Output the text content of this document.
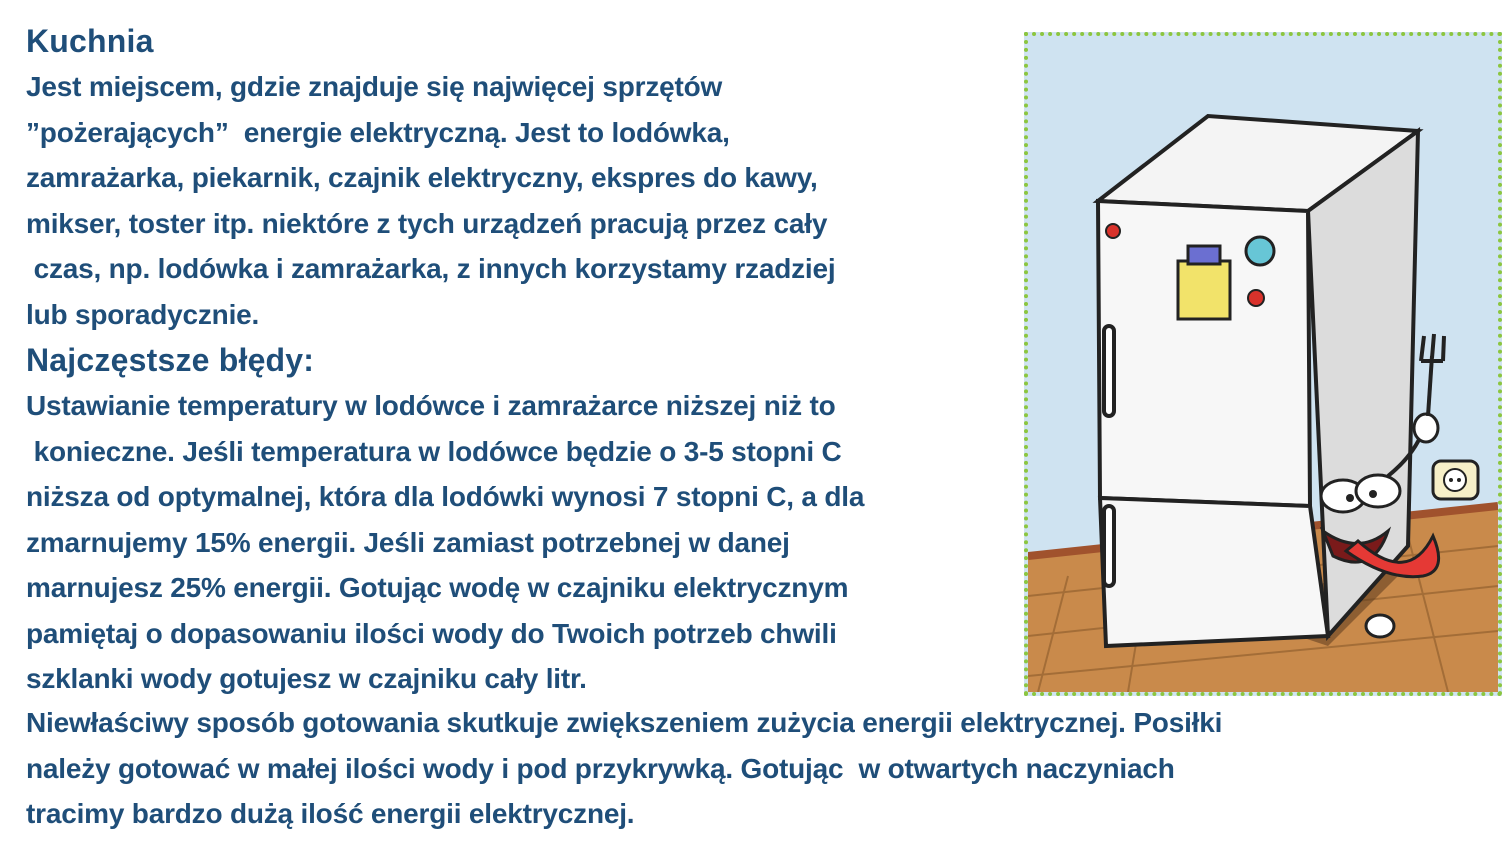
Kuchnia
Jest miejscem, gdzie znajduje się najwięcej sprzętów
”pożerających”  energie elektryczną. Jest to lodówka,
zamrażarka, piekarnik, czajnik elektryczny, ekspres do kawy,
mikser, toster itp. niektóre z tych urządzeń pracują przez cały
czas, np. lodówka i zamrażarka, z innych korzystamy rzadziej
lub sporadycznie.
Najczęstsze błędy:
Ustawianie temperatury w lodówce i zamrażarce niższej niż to
konieczne. Jeśli temperatura w lodówce będzie o 3-5 stopni C
niższa od optymalnej, która dla lodówki wynosi 7 stopni C, a dla
zmarnujemy 15% energii. Jeśli zamiast potrzebnej w danej
marnujesz 25% energii. Gotując wodę w czajniku elektrycznym
pamiętaj o dopasowaniu ilości wody do Twoich potrzeb chwili
szklanki wody gotujesz w czajniku cały litr.
Niewłaściwy sposób gotowania skutkuje zwiększeniem zużycia energii elektrycznej. Posiłki
należy gotować w małej ilości wody i pod przykrywką. Gotując  w otwartych naczyniach
tracimy bardzo dużą ilość energii elektrycznej.
